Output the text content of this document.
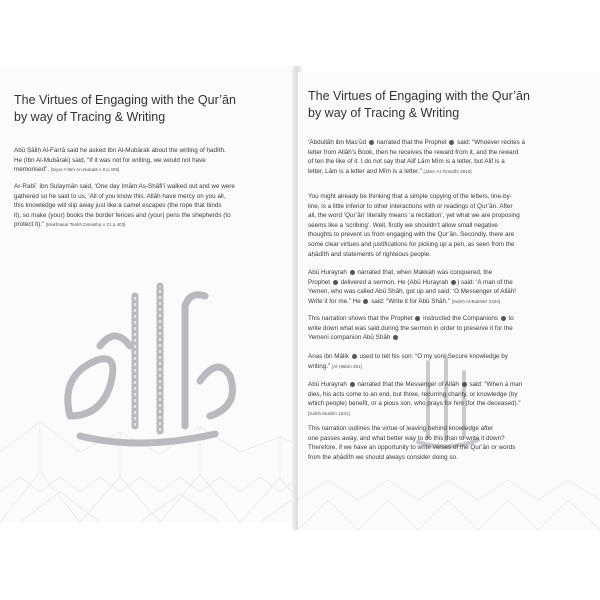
The Virtues of Engaging with the Qur’ān
by way of Tracing & Writing
Abū Ṣāliḥ Al-Farrā said he asked Ibn Al-Mubārak about the writing of ḥadīth.
He (Ibn Al-Mubārak) said, “If it was not for writing, we would not have
memorised”. [Siyar A‘lām An-Nubalā v 8 p.409]
Ar-Rabīʿ ibn Sulaymān said, ‘One day Imām As-Shāfi‘ī walked out and we were
gathered so he said to us, ‘All of you know this. Allāh have mercy on you all,
this knowledge will slip away just like a camel escapes (the rope that binds
it), so make (your) books the border fences and (your) pens the shepherds (to
protect it).” [Mukhtasar Tarikh Dimashq v 21 p.403]
The Virtues of Engaging with the Qur’ān
by way of Tracing & Writing
‘Abdullāh ibn Mas’ūd narrated that the Prophet said: “Whoever recites a
letter from Allāh’s Book, then he receives the reward from it, and the reward
of ten the like of it. I do not say that Alif Lām Mīm is a letter, but Alif is a
letter, Lām is a letter and Mīm is a letter.” [Jāmi‘ At-Tirmidhī 2910]
You might already be thinking that a simple copying of the letters, line-by-
line, is a little inferior to other interactions with or readings of Qur’ān. After
all, the word ‘Qur’ān’ literally means ‘a recitation’, yet what we are proposing
seems like a ‘scribing’. Well, firstly we shouldn’t allow small negative
thoughts to prevent us from engaging with the Qur’ān. Secondly, there are
some clear virtues and justifications for picking up a pen, as seen from the
aḥādīth and statements of righteous people.
Abū Hurayrah narrated that, when Makkah was conquered, the
Prophet delivered a sermon. He (Abū Hurayrah ) said: ‘A man of the
Yemen, who was called Abū Shāh, got up and said: ‘O Messenger of Allāh!
Write it for me.” He said: “Write it for Abū Shāh.” [Saḥīḥ Al-Bukhārī 2434]
This narration shows that the Prophet instructed the Companions to
write down what was said during the sermon in order to preserve it for the
Yemeni companion Abū Shāh
Anas ibn Mālik used to tell his son: “O my son! Secure knowledge by
writing.” [Al-Ḥākim 361]
Abū Hurayrah narrated that the Messenger of Allāh said: “When a man
dies, his acts come to an end, but three, recurring charity, or knowledge (by
which people) benefit, or a pious son, who prays for him (for the deceased).”
[Sahih Muslim 1631]
This narration outlines the virtue of leaving behind knowledge after
one passes away, and what better way to do this than to write it down?
Therefore, if we have an opportunity to write verses of the Qur’ān or words
from the aḥādīth we should always consider doing so.
